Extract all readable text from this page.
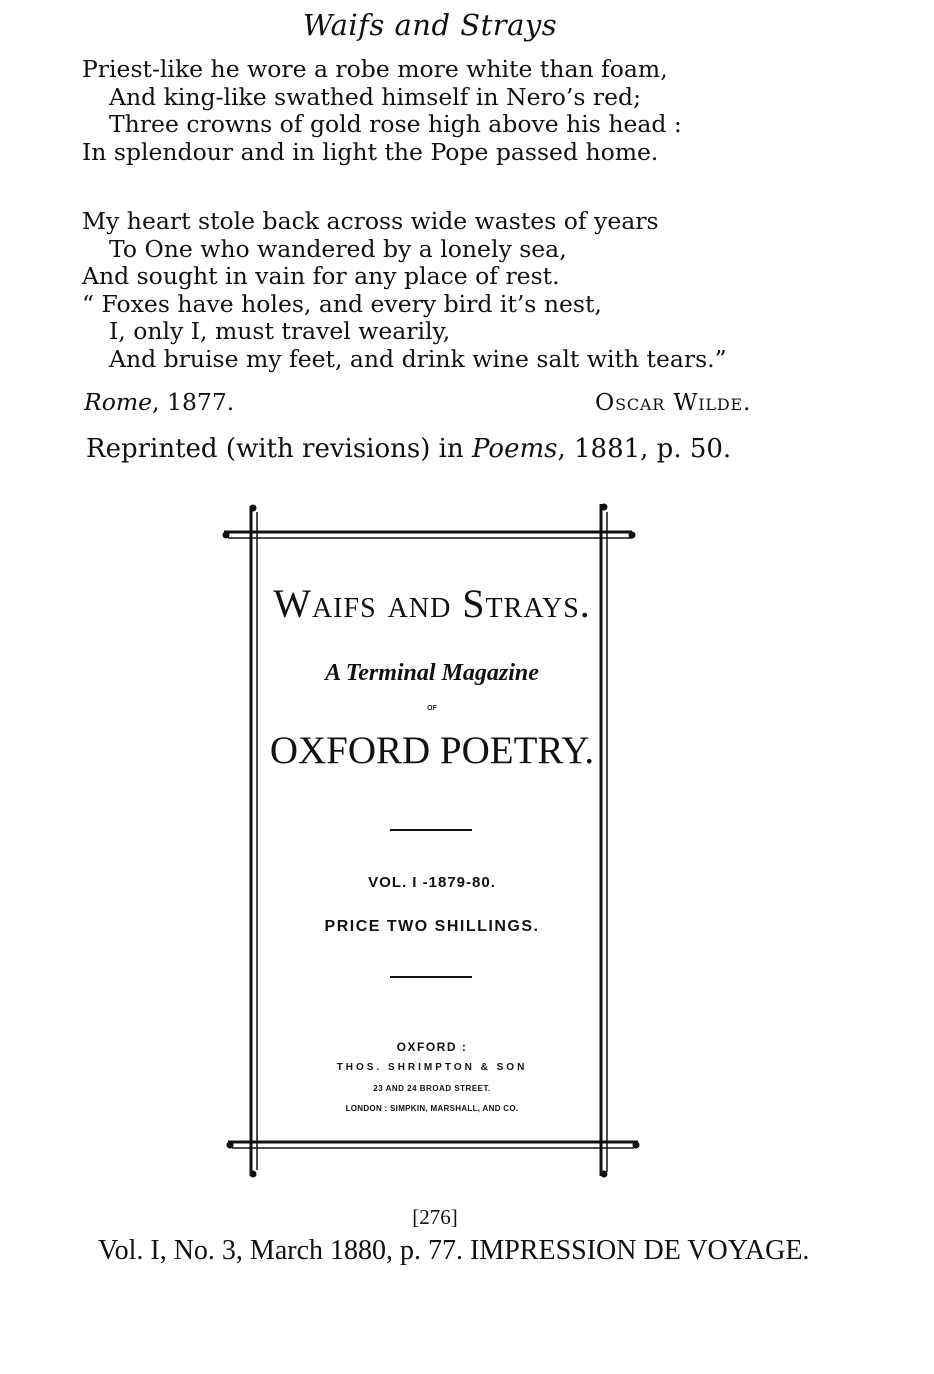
Waifs and Strays
Priest-like he wore a robe more white than foam,
And king-like swathed himself in Nero’s red;
Three crowns of gold rose high above his head :
In splendour and in light the Pope passed home.
My heart stole back across wide wastes of years
To One who wandered by a lonely sea,
And sought in vain for any place of rest.
“ Foxes have holes, and every bird it’s nest,
I, only I, must travel wearily,
And bruise my feet, and drink wine salt with tears.”
Rome, 1877.	Oscar Wilde.
Reprinted (with revisions) in Poems, 1881, p. 50.
Waifs and Strays.
A Terminal Magazine
OF
OXFORD POETRY.
VOL. I -1879-80.
PRICE TWO SHILLINGS.
OXFORD :
THOS. SHRIMPTON & SON
23 AND 24 BROAD STREET.
LONDON : SIMPKIN, MARSHALL, AND CO.
[276]
Vol. I, No. 3, March 1880, p. 77. IMPRESSION DE VOYAGE.
